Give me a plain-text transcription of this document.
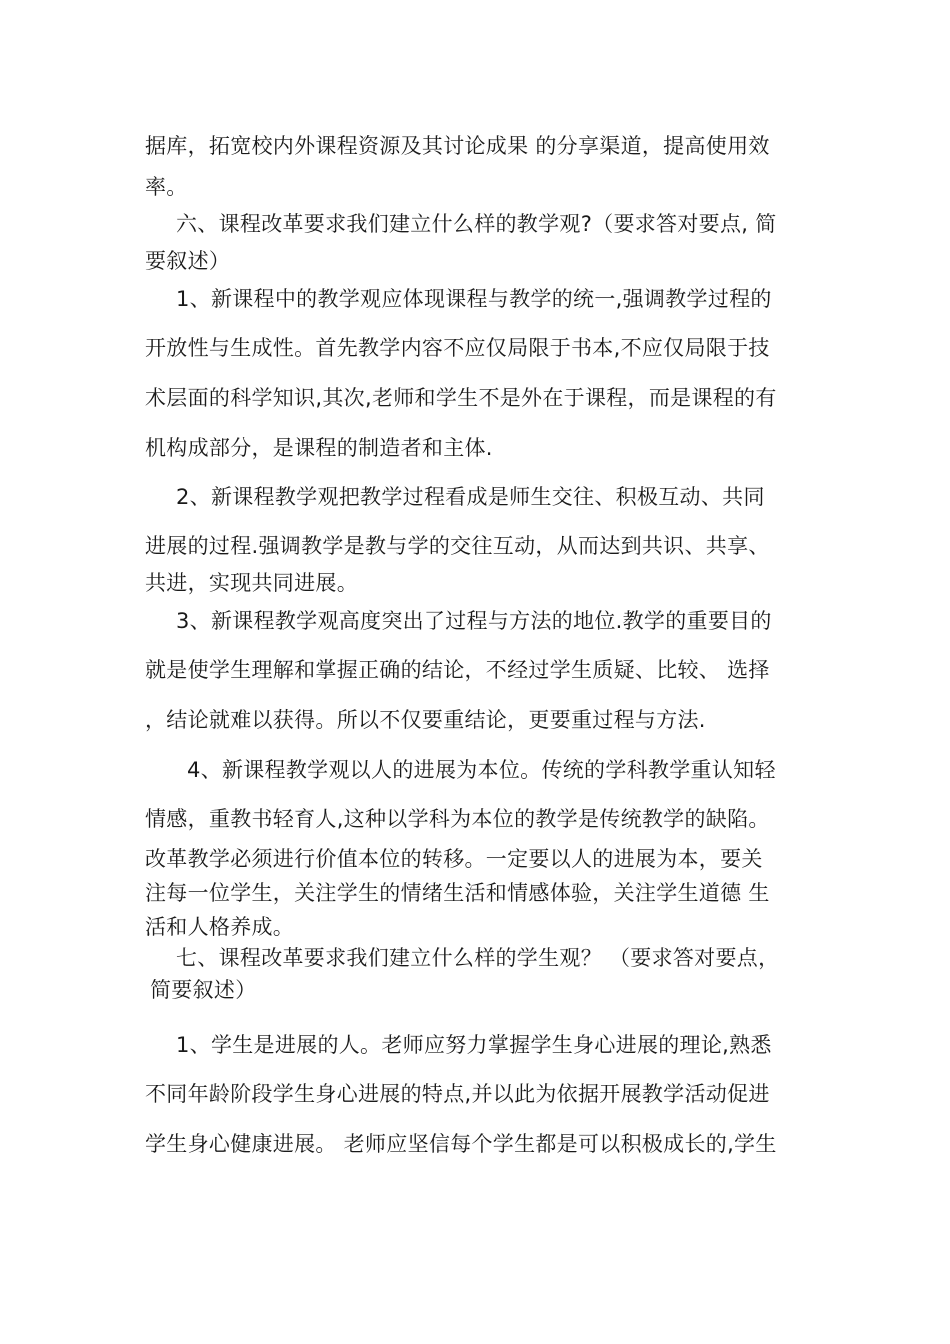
据库，拓宽校内外课程资源及其讨论成果 的分享渠道，提高使用效
率。
六、课程改革要求我们建立什么样的教学观?（要求答对要点, 简
要叙述）
1、新课程中的教学观应体现课程与教学的统一,强调教学过程的
开放性与生成性。首先教学内容不应仅局限于书本,不应仅局限于技
术层面的科学知识,其次,老师和学生不是外在于课程，而是课程的有
机构成部分，是课程的制造者和主体.
2、新课程教学观把教学过程看成是师生交往、积极互动、共同
进展的过程.强调教学是教与学的交往互动，从而达到共识、共享、
共进，实现共同进展。
3、新课程教学观高度突出了过程与方法的地位.教学的重要目的
就是使学生理解和掌握正确的结论，不经过学生质疑、比较、 选择
，结论就难以获得。所以不仅要重结论，更要重过程与方法.
4、新课程教学观以人的进展为本位。传统的学科教学重认知轻
情感，重教书轻育人,这种以学科为本位的教学是传统教学的缺陷。
改革教学必须进行价值本位的转移。一定要以人的进展为本，要关
注每一位学生，关注学生的情绪生活和情感体验，关注学生道德 生
活和人格养成。
七、课程改革要求我们建立什么样的学生观？ （要求答对要点，
简要叙述）
1、学生是进展的人。老师应努力掌握学生身心进展的理论,熟悉
不同年龄阶段学生身心进展的特点,并以此为依据开展教学活动促进
学生身心健康进展。 老师应坚信每个学生都是可以积极成长的,学生
